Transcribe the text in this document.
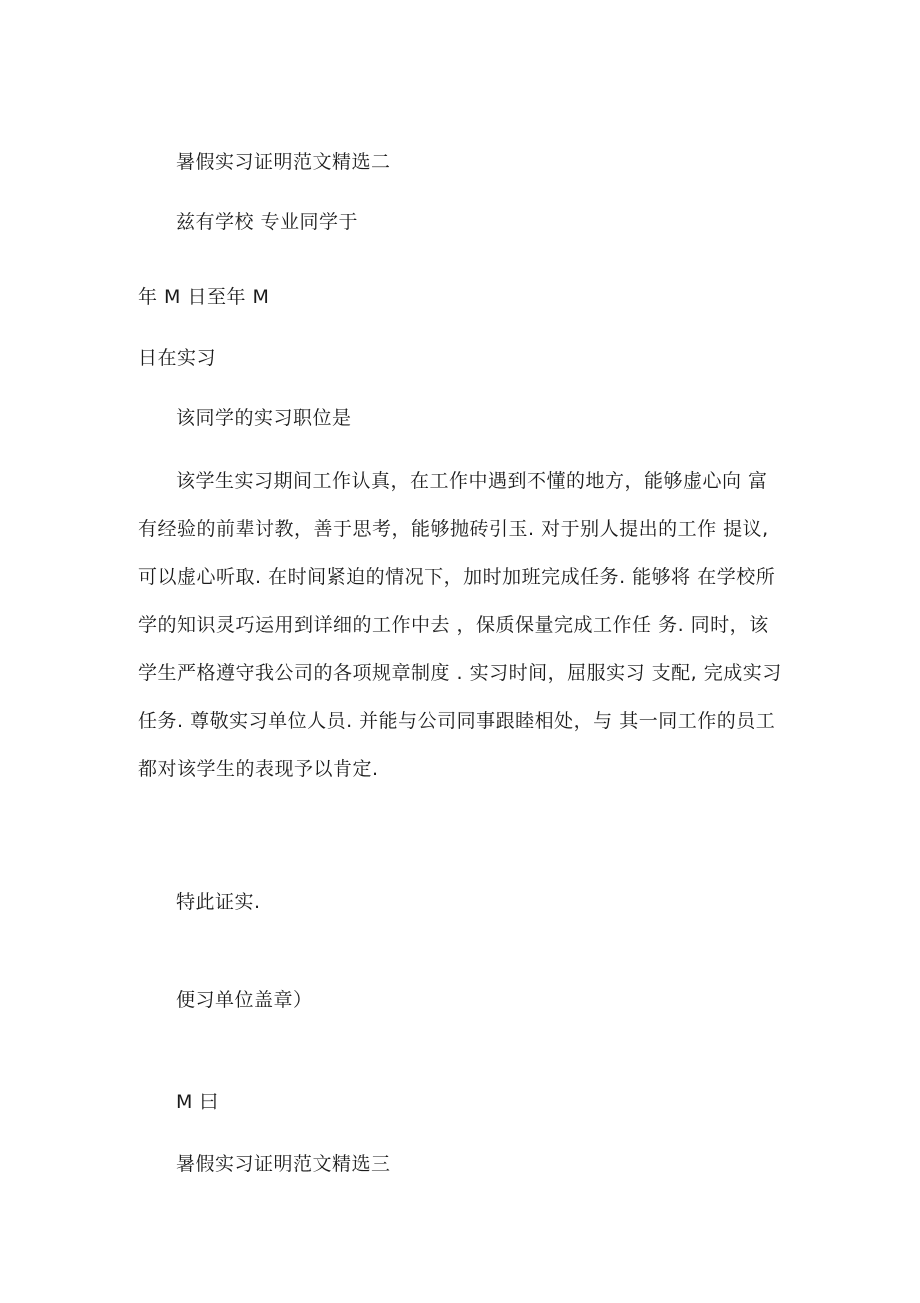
暑假实习证明范文精选二
兹有学校 专业同学于
年 M 日至年 M
日在实习
该同学的实习职位是
该学生实习期间工作认真，在工作中遇到不懂的地方，能够虚心向 富
有经验的前辈讨教，善于思考，能够抛砖引玉. 对于别人提出的工作 提议,
可以虚心听取. 在时间紧迫的情况下，加时加班完成任务. 能够将 在学校所
学的知识灵巧运用到详细的工作中去 ，保质保量完成工作任 务. 同时，该
学生严格遵守我公司的各项规章制度 . 实习时间，屈服实习 支配, 完成实习
任务. 尊敬实习单位人员. 并能与公司同事跟睦相处，与 其一同工作的员工
都对该学生的表现予以肯定.
特此证实.
便习单位盖章）
M 曰
暑假实习证明范文精选三
